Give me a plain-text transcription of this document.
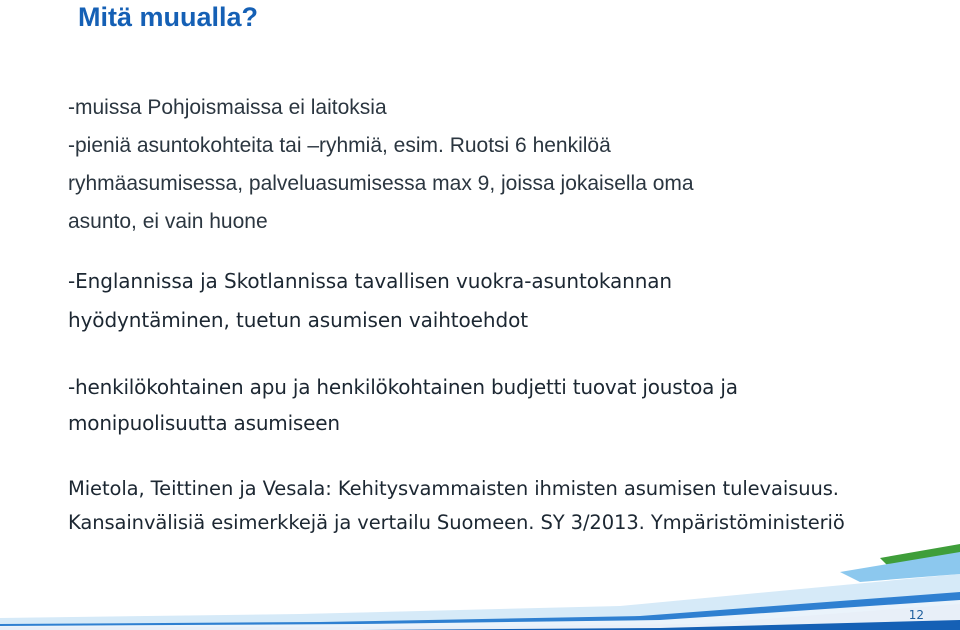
Mitä muualla?
-muissa Pohjoismaissa ei laitoksia
-pieniä asuntokohteita tai –ryhmiä, esim. Ruotsi 6 henkilöä
ryhmäasumisessa, palveluasumisessa max 9, joissa jokaisella oma
asunto, ei vain huone
-Englannissa ja Skotlannissa tavallisen vuokra-asuntokannan
hyödyntäminen, tuetun asumisen vaihtoehdot
-henkilökohtainen apu ja henkilökohtainen budjetti tuovat joustoa ja
monipuolisuutta asumiseen
Mietola, Teittinen ja Vesala: Kehitysvammaisten ihmisten asumisen tulevaisuus.
Kansainvälisiä esimerkkejä ja vertailu Suomeen. SY 3/2013. Ympäristöministeriö
12
